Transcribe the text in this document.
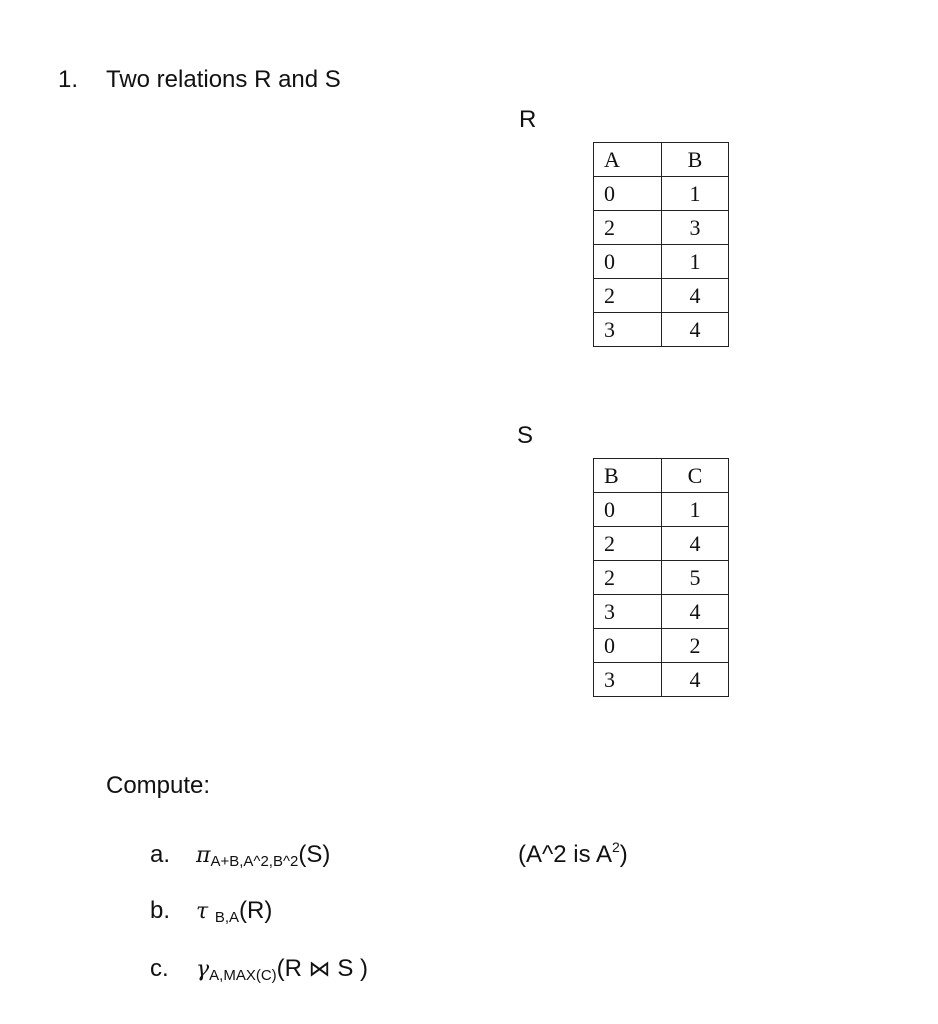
1. Two relations R and S
R
A	B
0	1
2	3
0	1
2	4
3	4
S
B	C
0	1
2	4
2	5
3	4
0	2
3	4
Compute:
a. πA+B,A^2,B^2(S)
b. τ B,A(R)
c. γA,MAX(C)(R ⋈ S )
(A^2 is $A^2$)
